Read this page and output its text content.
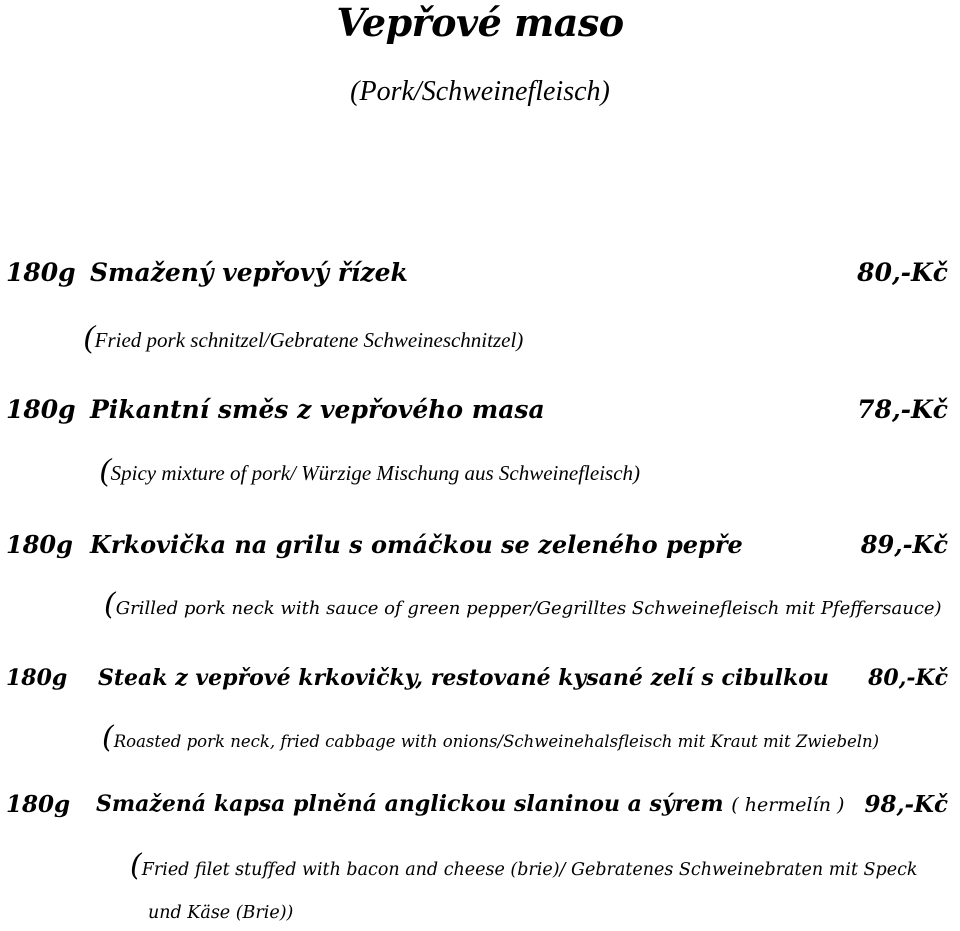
Vepřové maso
(Pork/Schweinefleisch)
180g Smažený vepřový řízek	80,-Kč
(Fried pork schnitzel/Gebratene Schweineschnitzel)
180g Pikantní směs z vepřového masa	78,-Kč
(Spicy mixture of pork/ Würzige Mischung aus Schweinefleisch)
180g Krkovička na grilu s omáčkou se zeleného pepře	89,-Kč
(Grilled pork neck with sauce of green pepper/Gegrilltes Schweinefleisch mit Pfeffersauce)
180g Steak z vepřové krkovičky, restované kysané zelí s cibulkou 80,-Kč
(Roasted pork neck, fried cabbage with onions/Schweinehalsfleisch mit Kraut mit Zwiebeln)
180g Smažená kapsa plněná anglickou slaninou a sýrem ( hermelín ) 98,-Kč
(Fried filet stuffed with bacon and cheese (brie)/ Gebratenes Schweinebraten mit Speck
und Käse (Brie))
